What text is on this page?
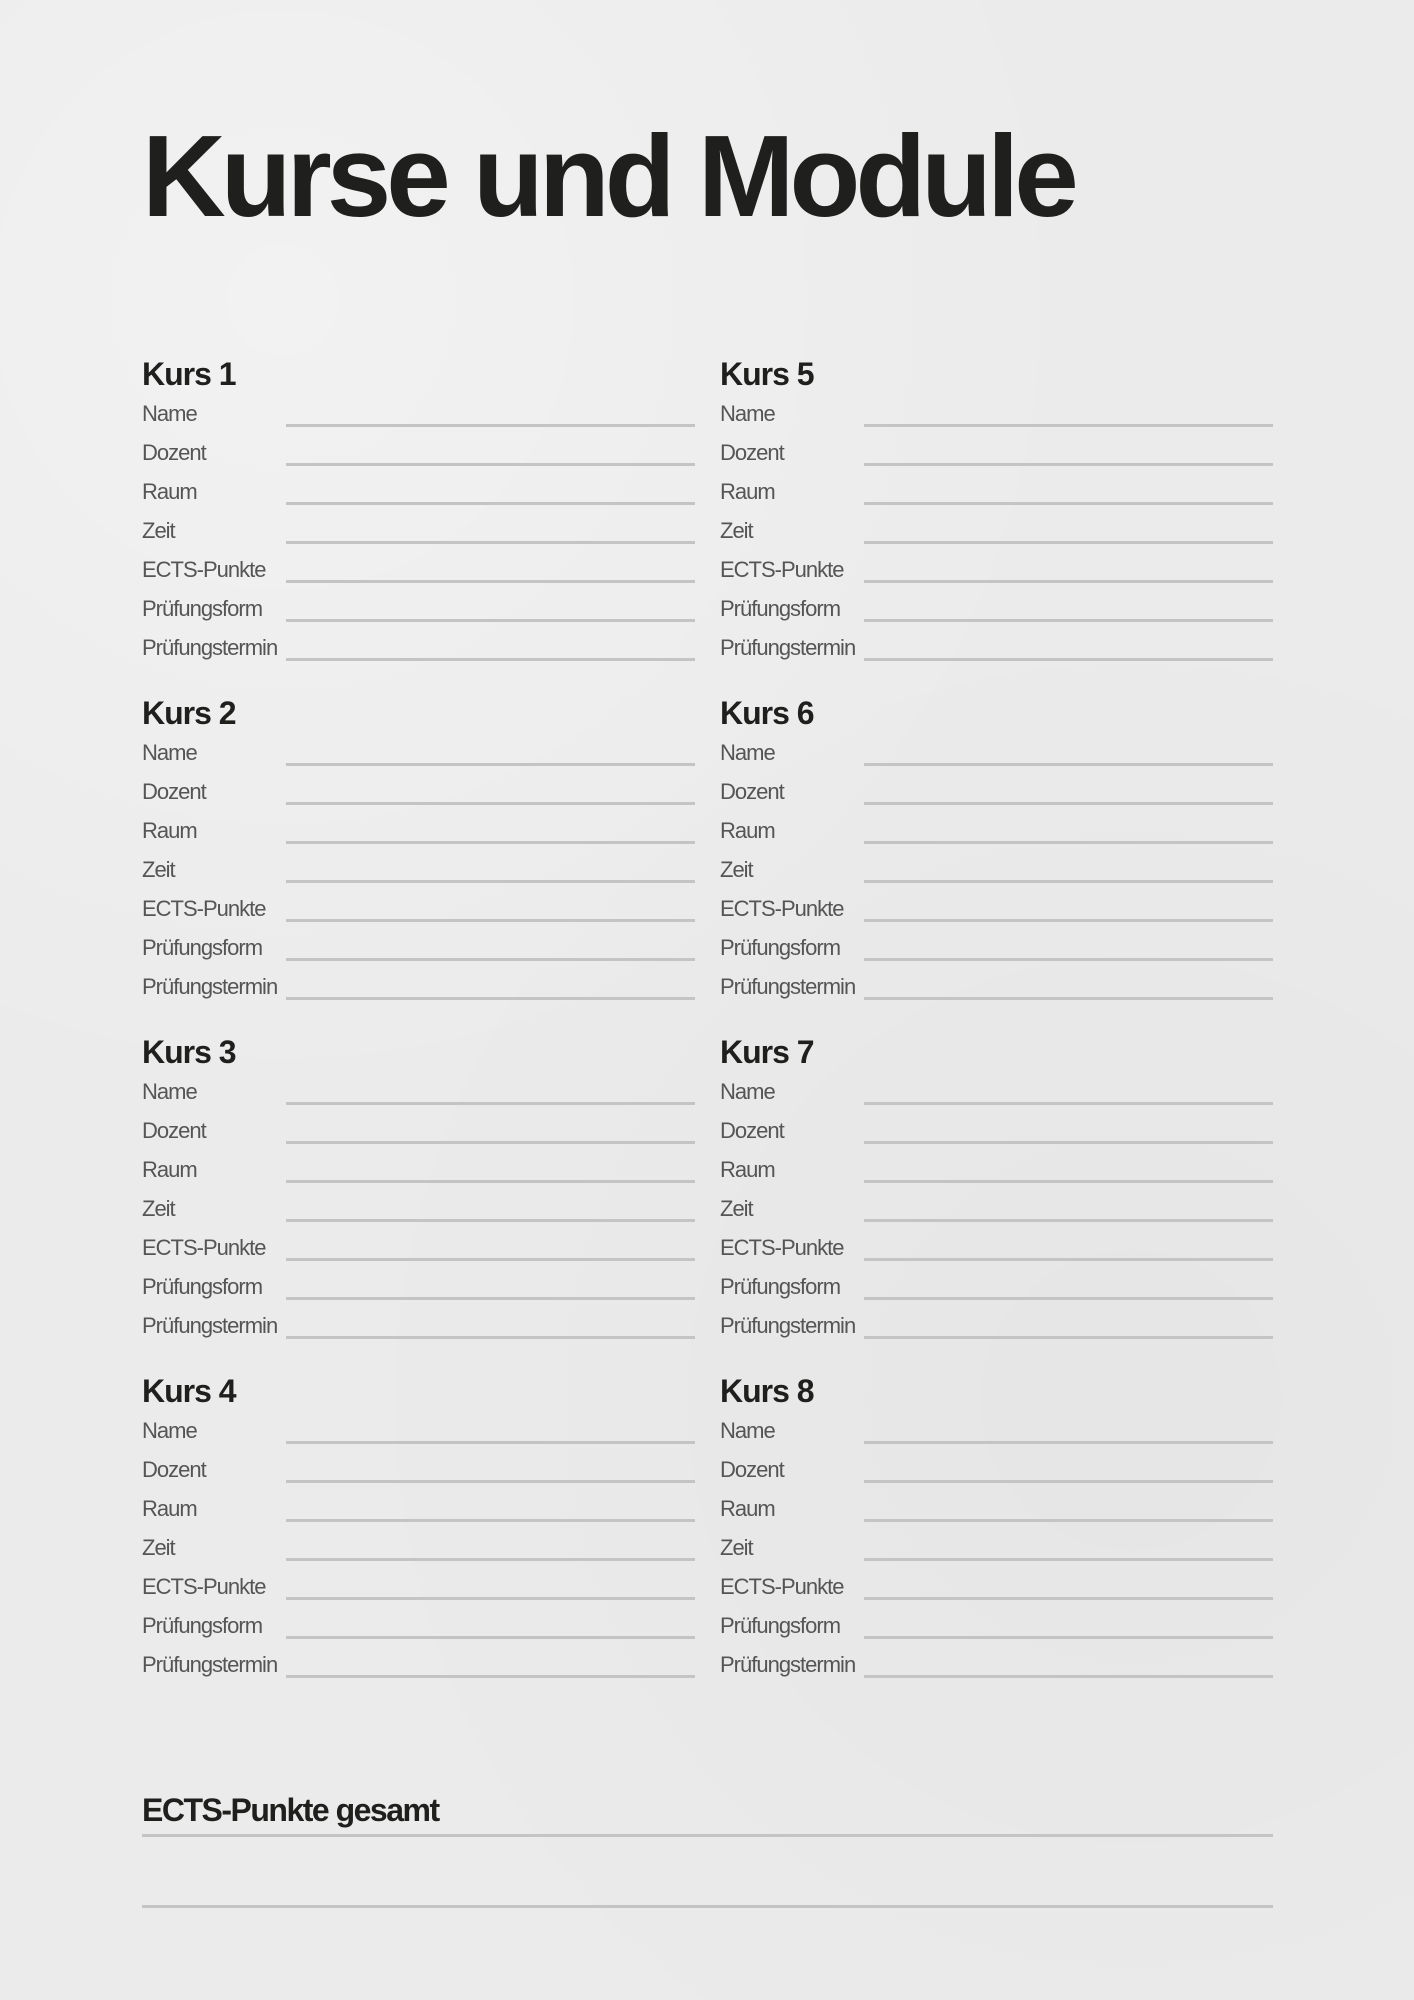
Kurse und Module
Kurs 1
Name
Dozent
Raum
Zeit
ECTS-Punkte
Prüfungsform
Prüfungstermin
Kurs 5
Name
Dozent
Raum
Zeit
ECTS-Punkte
Prüfungsform
Prüfungstermin
Kurs 2
Name
Dozent
Raum
Zeit
ECTS-Punkte
Prüfungsform
Prüfungstermin
Kurs 6
Name
Dozent
Raum
Zeit
ECTS-Punkte
Prüfungsform
Prüfungstermin
Kurs 3
Name
Dozent
Raum
Zeit
ECTS-Punkte
Prüfungsform
Prüfungstermin
Kurs 7
Name
Dozent
Raum
Zeit
ECTS-Punkte
Prüfungsform
Prüfungstermin
Kurs 4
Name
Dozent
Raum
Zeit
ECTS-Punkte
Prüfungsform
Prüfungstermin
Kurs 8
Name
Dozent
Raum
Zeit
ECTS-Punkte
Prüfungsform
Prüfungstermin
ECTS-Punkte gesamt
